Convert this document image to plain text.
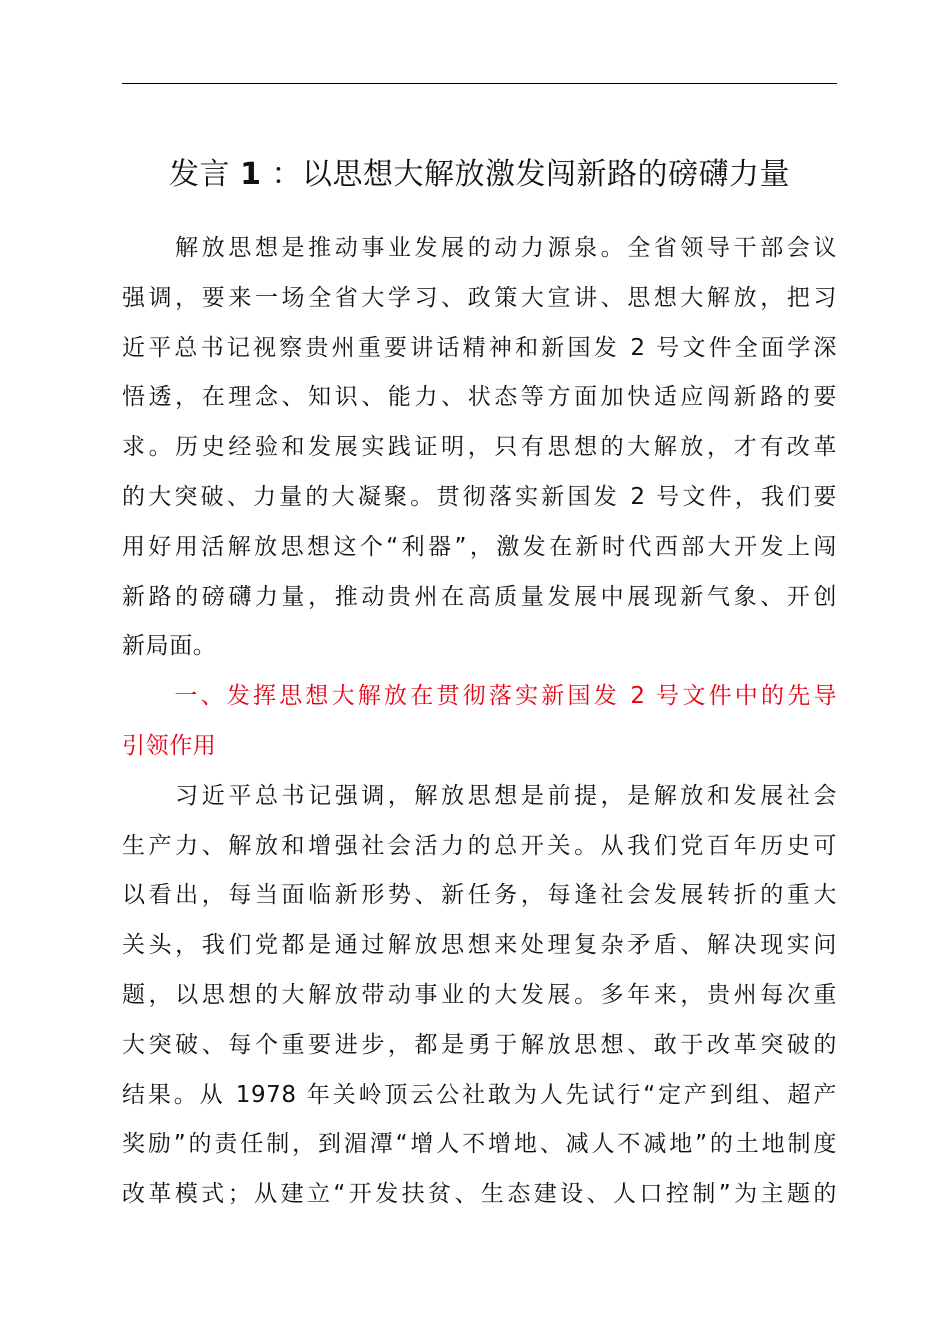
发言 1 ：以思想大解放激发闯新路的磅礴力量
　　解放思想是推动事业发展的动力源泉。全省领导干部会议
强调，要来一场全省大学习、政策大宣讲、思想大解放，把习
近平总书记视察贵州重要讲话精神和新国发 2 号文件全面学深
悟透，在理念、知识、能力、状态等方面加快适应闯新路的要
求。历史经验和发展实践证明，只有思想的大解放，才有改革
的大突破、力量的大凝聚。贯彻落实新国发 2 号文件，我们要
用好用活解放思想这个“利器”，激发在新时代西部大开发上闯
新路的磅礴力量，推动贵州在高质量发展中展现新气象、开创
新局面。
　　一、发挥思想大解放在贯彻落实新国发 2 号文件中的先导
引领作用
　　习近平总书记强调，解放思想是前提，是解放和发展社会
生产力、解放和增强社会活力的总开关。从我们党百年历史可
以看出，每当面临新形势、新任务，每逢社会发展转折的重大
关头，我们党都是通过解放思想来处理复杂矛盾、解决现实问
题，以思想的大解放带动事业的大发展。多年来，贵州每次重
大突破、每个重要进步，都是勇于解放思想、敢于改革突破的
结果。从 1978 年关岭顶云公社敢为人先试行“定产到组、超产
奖励”的责任制，到湄潭“增人不增地、减人不减地”的土地制度
改革模式；从建立“开发扶贫、生态建设、人口控制”为主题的
